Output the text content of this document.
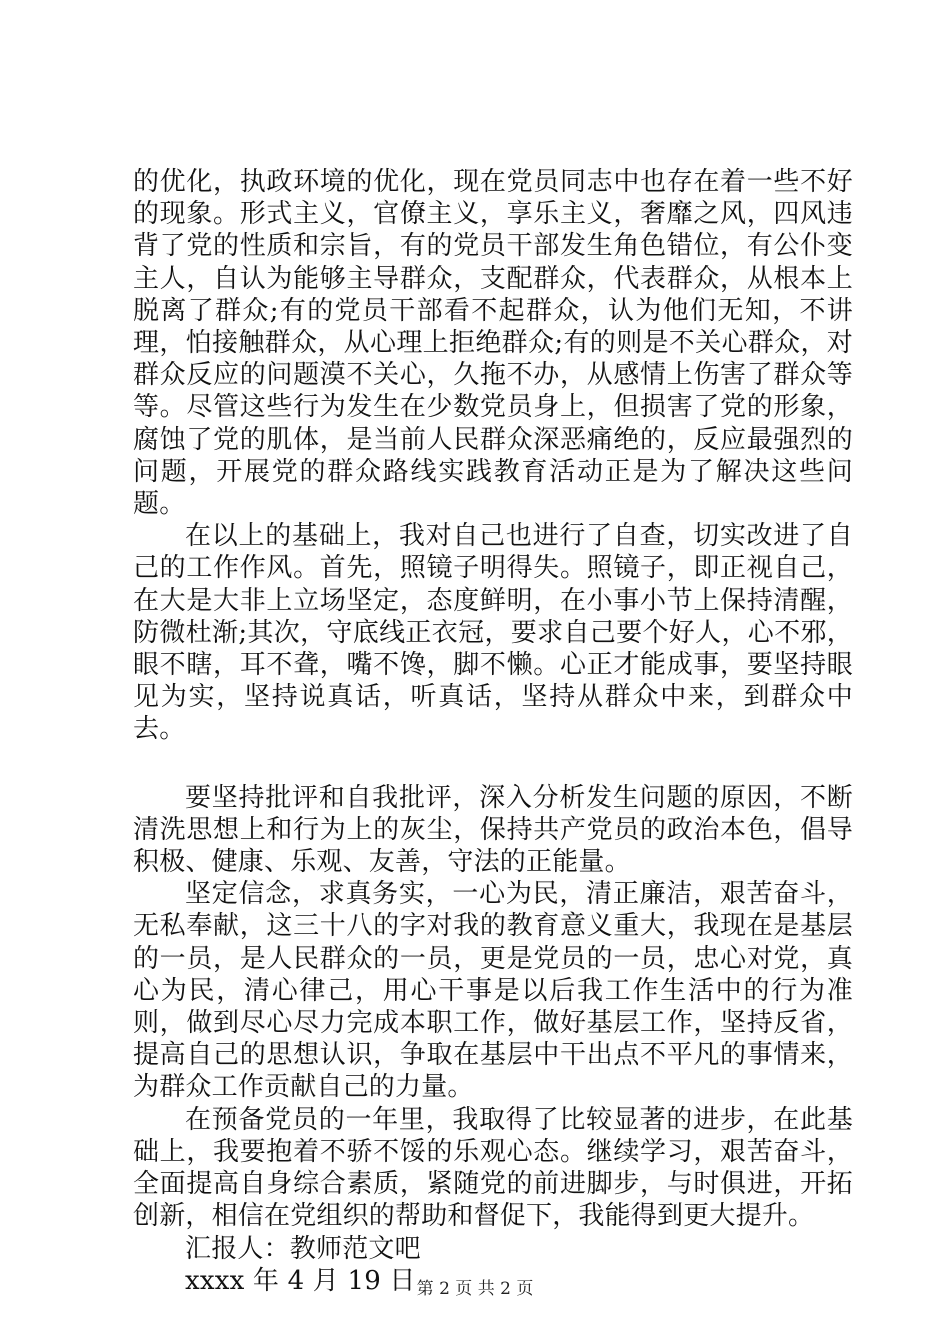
的优化，执政环境的优化，现在党员同志中也存在着一些不好的现象。形式主义，官僚主义，享乐主义，奢靡之风，四风违背了党的性质和宗旨，有的党员干部发生角色错位，有公仆变主人，自认为能够主导群众，支配群众，代表群众，从根本上脱离了群众;有的党员干部看不起群众，认为他们无知，不讲理，怕接触群众，从心理上拒绝群众;有的则是不关心群众，对群众反应的问题漠不关心，久拖不办，从感情上伤害了群众等等。尽管这些行为发生在少数党员身上，但损害了党的形象，腐蚀了党的肌体，是当前人民群众深恶痛绝的，反应最强烈的问题，开展党的群众路线实践教育活动正是为了解决这些问题。

在以上的基础上，我对自己也进行了自查，切实改进了自己的工作作风。首先，照镜子明得失。照镜子，即正视自己，在大是大非上立场坚定，态度鲜明，在小事小节上保持清醒，防微杜渐;其次，守底线正衣冠，要求自己要个好人，心不邪，眼不瞎，耳不聋，嘴不馋，脚不懒。心正才能成事，要坚持眼见为实，坚持说真话，听真话，坚持从群众中来，到群众中去。

要坚持批评和自我批评，深入分析发生问题的原因，不断清洗思想上和行为上的灰尘，保持共产党员的政治本色，倡导积极、健康、乐观、友善，守法的正能量。

坚定信念，求真务实，一心为民，清正廉洁，艰苦奋斗，无私奉献，这三十八的字对我的教育意义重大，我现在是基层的一员，是人民群众的一员，更是党员的一员，忠心对党，真心为民，清心律己，用心干事是以后我工作生活中的行为准则，做到尽心尽力完成本职工作，做好基层工作，坚持反省，提高自己的思想认识，争取在基层中干出点不平凡的事情来，为群众工作贡献自己的力量。

在预备党员的一年里，我取得了比较显著的进步，在此基础上，我要抱着不骄不馁的乐观心态。继续学习，艰苦奋斗，全面提高自身综合素质，紧随党的前进脚步，与时俱进，开拓创新，相信在党组织的帮助和督促下，我能得到更大提升。

汇报人：教师范文吧

xxxx 年 4 月 19 日 第 2 页 共 2 页
